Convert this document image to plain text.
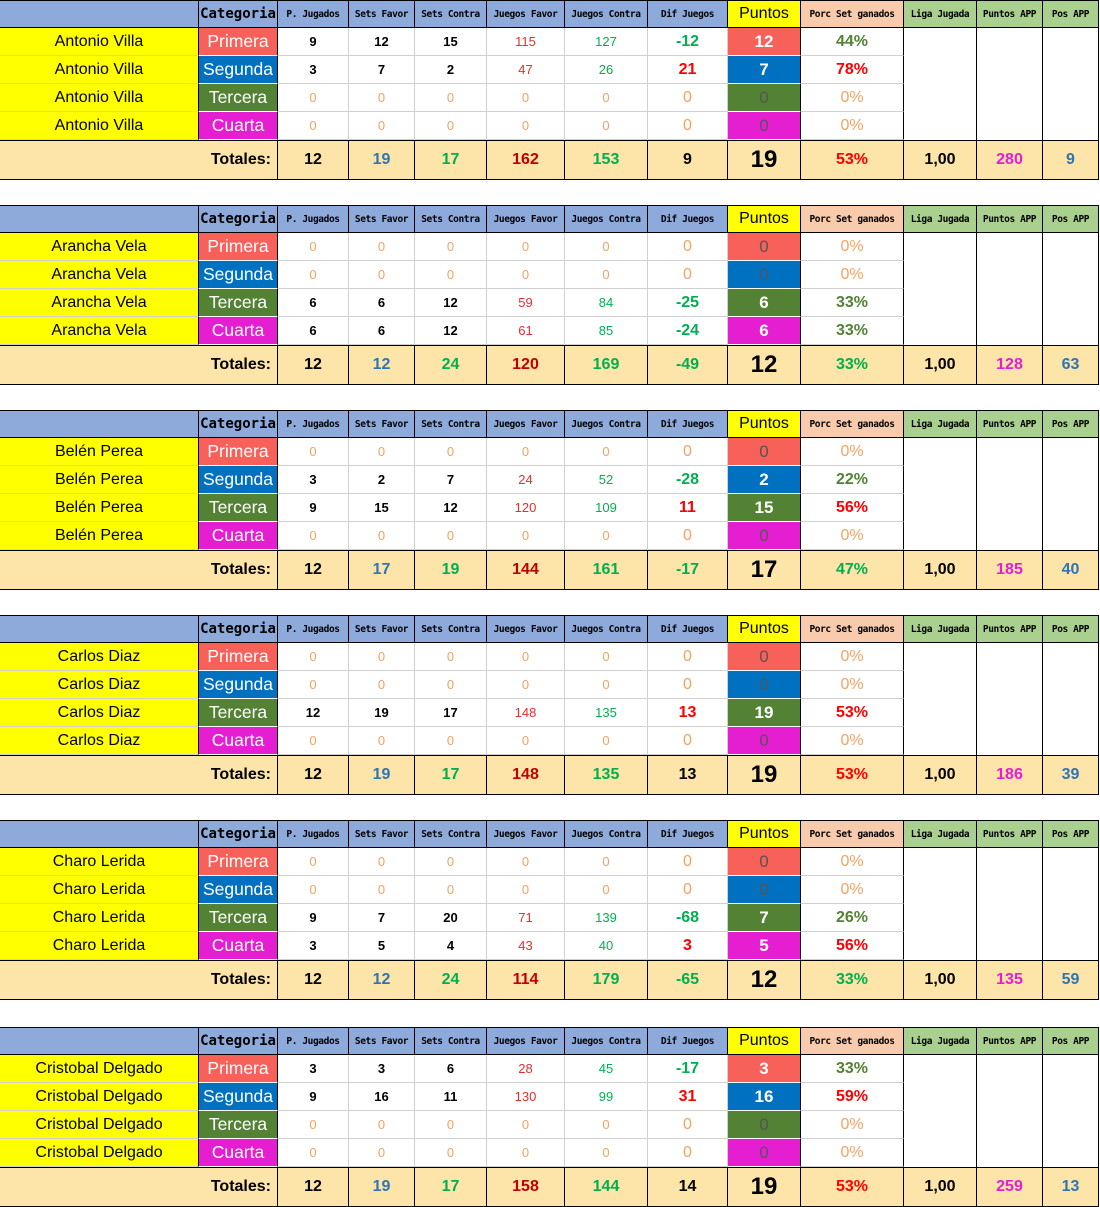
Categoria	P. Jugados	Sets Favor	Sets Contra	Juegos Favor	Juegos Contra	Dif Juegos	Puntos	Porc Set ganados	Liga Jugada	Puntos APP	Pos APP
Antonio Villa	Primera	9	12	15	115	127	-12	12	44%
Antonio Villa	Segunda	3	7	2	47	26	21	7	78%
Antonio Villa	Tercera	0	0	0	0	0	0	0	0%
Antonio Villa	Cuarta	0	0	0	0	0	0	0	0%
Totales:	12	19	17	162	153	9	19	53%	1,00	280	9
Categoria	P. Jugados	Sets Favor	Sets Contra	Juegos Favor	Juegos Contra	Dif Juegos	Puntos	Porc Set ganados	Liga Jugada	Puntos APP	Pos APP
Arancha Vela	Primera	0	0	0	0	0	0	0	0%
Arancha Vela	Segunda	0	0	0	0	0	0	0	0%
Arancha Vela	Tercera	6	6	12	59	84	-25	6	33%
Arancha Vela	Cuarta	6	6	12	61	85	-24	6	33%
Totales:	12	12	24	120	169	-49	12	33%	1,00	128	63
Categoria	P. Jugados	Sets Favor	Sets Contra	Juegos Favor	Juegos Contra	Dif Juegos	Puntos	Porc Set ganados	Liga Jugada	Puntos APP	Pos APP
Belén Perea	Primera	0	0	0	0	0	0	0	0%
Belén Perea	Segunda	3	2	7	24	52	-28	2	22%
Belén Perea	Tercera	9	15	12	120	109	11	15	56%
Belén Perea	Cuarta	0	0	0	0	0	0	0	0%
Totales:	12	17	19	144	161	-17	17	47%	1,00	185	40
Categoria	P. Jugados	Sets Favor	Sets Contra	Juegos Favor	Juegos Contra	Dif Juegos	Puntos	Porc Set ganados	Liga Jugada	Puntos APP	Pos APP
Carlos Diaz	Primera	0	0	0	0	0	0	0	0%
Carlos Diaz	Segunda	0	0	0	0	0	0	0	0%
Carlos Diaz	Tercera	12	19	17	148	135	13	19	53%
Carlos Diaz	Cuarta	0	0	0	0	0	0	0	0%
Totales:	12	19	17	148	135	13	19	53%	1,00	186	39
Categoria	P. Jugados	Sets Favor	Sets Contra	Juegos Favor	Juegos Contra	Dif Juegos	Puntos	Porc Set ganados	Liga Jugada	Puntos APP	Pos APP
Charo Lerida	Primera	0	0	0	0	0	0	0	0%
Charo Lerida	Segunda	0	0	0	0	0	0	0	0%
Charo Lerida	Tercera	9	7	20	71	139	-68	7	26%
Charo Lerida	Cuarta	3	5	4	43	40	3	5	56%
Totales:	12	12	24	114	179	-65	12	33%	1,00	135	59
Categoria	P. Jugados	Sets Favor	Sets Contra	Juegos Favor	Juegos Contra	Dif Juegos	Puntos	Porc Set ganados	Liga Jugada	Puntos APP	Pos APP
Cristobal Delgado	Primera	3	3	6	28	45	-17	3	33%
Cristobal Delgado	Segunda	9	16	11	130	99	31	16	59%
Cristobal Delgado	Tercera	0	0	0	0	0	0	0	0%
Cristobal Delgado	Cuarta	0	0	0	0	0	0	0	0%
Totales:	12	19	17	158	144	14	19	53%	1,00	259	13
